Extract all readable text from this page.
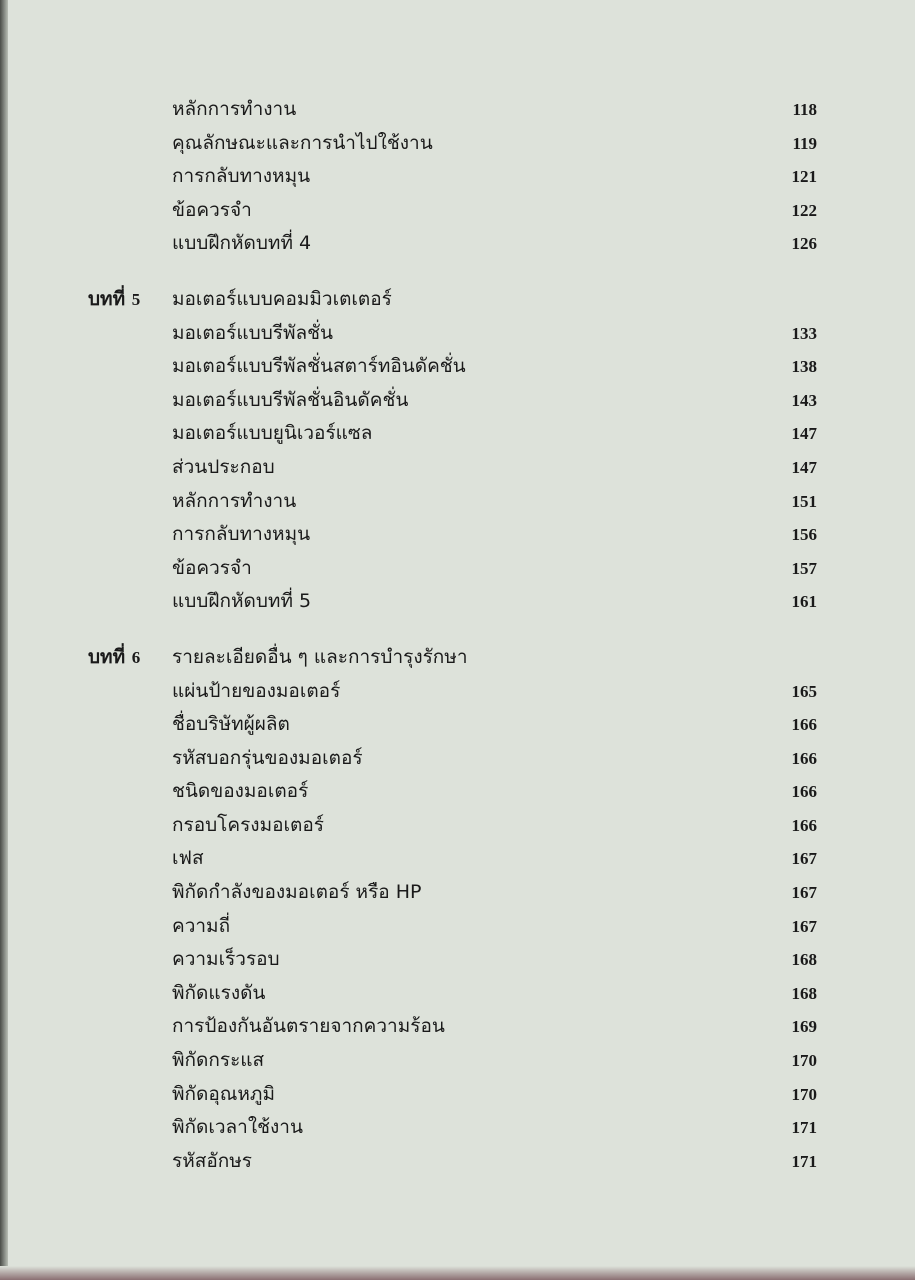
หลักการทำงาน	118
คุณลักษณะและการนำไปใช้งาน	119
การกลับทางหมุน	121
ข้อควรจำ	122
แบบฝึกหัดบทที่ 4	126
บทที่ 5 มอเตอร์แบบคอมมิวเตเตอร์
มอเตอร์แบบรีพัลชั่น	133
มอเตอร์แบบรีพัลชั่นสตาร์ทอินดัคชั่น	138
มอเตอร์แบบรีพัลชั่นอินดัคชั่น	143
มอเตอร์แบบยูนิเวอร์แซล	147
ส่วนประกอบ	147
หลักการทำงาน	151
การกลับทางหมุน	156
ข้อควรจำ	157
แบบฝึกหัดบทที่ 5	161
บทที่ 6 รายละเอียดอื่น ๆ และการบำรุงรักษา
แผ่นป้ายของมอเตอร์	165
ชื่อบริษัทผู้ผลิต	166
รหัสบอกรุ่นของมอเตอร์	166
ชนิดของมอเตอร์	166
กรอบโครงมอเตอร์	166
เฟส	167
พิกัดกำลังของมอเตอร์ หรือ HP	167
ความถี่	167
ความเร็วรอบ	168
พิกัดแรงดัน	168
การป้องกันอันตรายจากความร้อน	169
พิกัดกระแส	170
พิกัดอุณหภูมิ	170
พิกัดเวลาใช้งาน	171
รหัสอักษร	171
